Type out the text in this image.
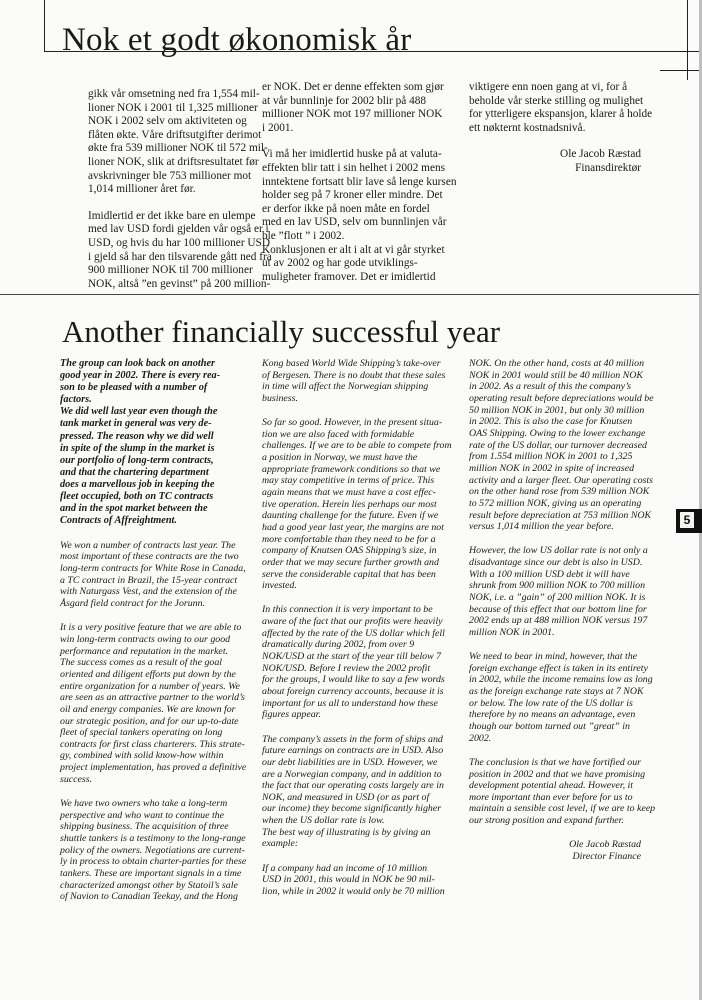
Nok et godt økonomisk år

gikk vår omsetning ned fra 1,554 mil-
lioner NOK i 2001 til 1,325 millioner
NOK i 2002 selv om aktiviteten og
flåten økte. Våre driftsutgifter derimot
økte fra 539 millioner NOK til 572 mil-
lioner NOK, slik at driftsresultatet før
avskrivninger ble 753 millioner mot
1,014 millioner året før.

Imidlertid er det ikke bare en ulempe
med lav USD fordi gjelden vår også er i
USD, og hvis du har 100 millioner USD
i gjeld så har den tilsvarende gått ned fra
900 millioner NOK til 700 millioner
NOK, altså ”en gevinst” på 200 million-

er NOK. Det er denne effekten som gjør
at vår bunnlinje for 2002 blir på 488
millioner NOK mot 197 millioner NOK
i 2001.

Vi må her imidlertid huske på at valuta-
effekten blir tatt i sin helhet i 2002 mens
inntektene fortsatt blir lave så lenge kursen
holder seg på 7 kroner eller mindre. Det
er derfor ikke på noen måte en fordel
med en lav USD, selv om bunnlinjen vår
ble ”flott ” i 2002.
Konklusjonen er alt i alt at vi går styrket
ut av 2002 og har gode utviklings-
muligheter framover. Det er imidlertid

viktigere enn noen gang at vi, for å
beholde vår sterke stilling og mulighet
for ytterligere ekspansjon, klarer å holde
ett nøkternt kostnadsnivå.

Ole Jacob Ræstad
Finansdirektør
Another financially successful year

The group can look back on another
good year in 2002. There is every rea-
son to be pleased with a number of
factors.
We did well last year even though the
tank market in general was very de-
pressed. The reason why we did well
in spite of the slump in the market is
our portfolio of long-term contracts,
and that the chartering department
does a marvellous job in keeping the
fleet occupied, both on TC contracts
and in the spot market between the
Contracts of Affreightment.

We won a number of contracts last year. The
most important of these contracts are the two
long-term contracts for White Rose in Canada,
a TC contract in Brazil, the 15-year contract
with Naturgass Vest, and the extension of the
Åsgard field contract for the Jorunn.

It is a very positive feature that we are able to
win long-term contracts owing to our good
performance and reputation in the market.
The success comes as a result of the goal
oriented and diligent efforts put down by the
entire organization for a number of years. We
are seen as an attractive partner to the world’s
oil and energy companies. We are known for
our strategic position, and for our up-to-date
fleet of special tankers operating on long
contracts for first class charterers. This strate-
gy, combined with solid know-how within
project implementation, has proved a definitive
success.

We have two owners who take a long-term
perspective and who want to continue the
shipping business. The acquisition of three
shuttle tankers is a testimony to the long-range
policy of the owners. Negotiations are current-
ly in process to obtain charter-parties for these
tankers. These are important signals in a time
characterized amongst other by Statoil’s sale
of Navion to Canadian Teekay, and the Hong

Kong based World Wide Shipping’s take-over
of Bergesen. There is no doubt that these sales
in time will affect the Norwegian shipping
business.

So far so good. However, in the present situa-
tion we are also faced with formidable
challenges. If we are to be able to compete from
a position in Norway, we must have the
appropriate framework conditions so that we
may stay competitive in terms of price. This
again means that we must have a cost effec-
tive operation. Herein lies perhaps our most
daunting challenge for the future. Even if we
had a good year last year, the margins are not
more comfortable than they need to be for a
company of Knutsen OAS Shipping’s size, in
order that we may secure further growth and
serve the considerable capital that has been
invested.

In this connection it is very important to be
aware of the fact that our profits were heavily
affected by the rate of the US dollar which fell
dramatically during 2002, from over 9
NOK/USD at the start of the year till below 7
NOK/USD. Before I review the 2002 profit
for the groups, I would like to say a few words
about foreign currency accounts, because it is
important for us all to understand how these
figures appear.

The company’s assets in the form of ships and
future earnings on contracts are in USD. Also
our debt liabilities are in USD. However, we
are a Norwegian company, and in addition to
the fact that our operating costs largely are in
NOK, and measured in USD (or as part of
our income) they become significantly higher
when the US dollar rate is low.
The best way of illustrating is by giving an
example:

If a company had an income of 10 million
USD in 2001, this would in NOK be 90 mil-
lion, while in 2002 it would only be 70 million

NOK. On the other hand, costs at 40 million
NOK in 2001 would still be 40 million NOK
in 2002. As a result of this the company’s
operating result before depreciations would be
50 million NOK in 2001, but only 30 million
in 2002. This is also the case for Knutsen
OAS Shipping. Owing to the lower exchange
rate of the US dollar, our turnover decreased
from 1.554 million NOK in 2001 to 1,325
million NOK in 2002 in spite of increased
activity and a larger fleet. Our operating costs
on the other hand rose from 539 million NOK
to 572 million NOK, giving us an operating
result before depreciation at 753 million NOK
versus 1,014 million the year before.

However, the low US dollar rate is not only a
disadvantage since our debt is also in USD.
With a 100 million USD debt it will have
shrunk from 900 million NOK to 700 million
NOK, i.e. a ”gain” of 200 million NOK. It is
because of this effect that our bottom line for
2002 ends up at 488 million NOK versus 197
million NOK in 2001.

We need to bear in mind, however, that the
foreign exchange effect is taken in its entirety
in 2002, while the income remains low as long
as the foreign exchange rate stays at 7 NOK
or below. The low rate of the US dollar is
therefore by no means an advantage, even
though our bottom turned out ”great” in
2002.

The conclusion is that we have fortified our
position in 2002 and that we have promising
development potential ahead. However, it
more important than ever before for us to
maintain a sensible cost level, if we are to keep
our strong position and expand further.

Ole Jacob Ræstad
Director Finance
5
